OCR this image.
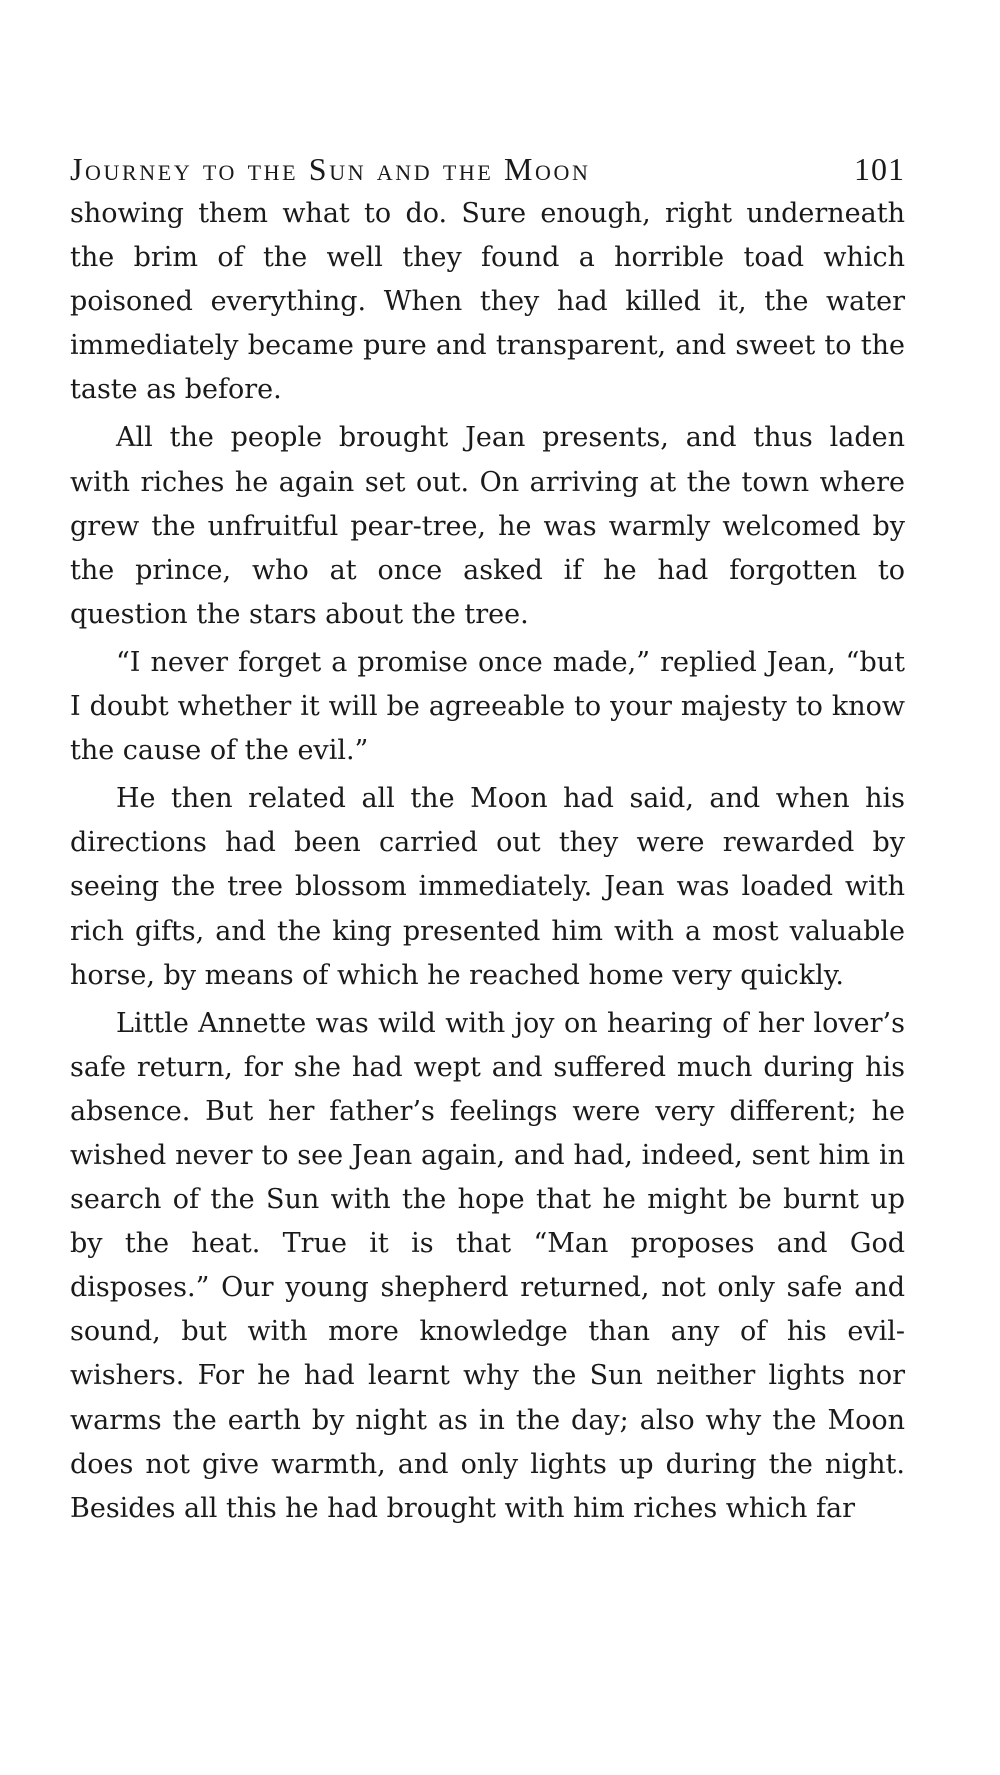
Journey to the Sun and the Moon	101

showing them what to do. Sure enough, right underneath the brim of the well they found a horrible toad which poisoned everything. When they had killed it, the water immediately became pure and transparent, and sweet to the taste as before.

All the people brought Jean presents, and thus laden with riches he again set out. On arriving at the town where grew the unfruitful pear-tree, he was warmly welcomed by the prince, who at once asked if he had forgotten to question the stars about the tree.

“I never forget a promise once made,” replied Jean, “but I doubt whether it will be agreeable to your majesty to know the cause of the evil.”

He then related all the Moon had said, and when his directions had been carried out they were rewarded by seeing the tree blossom immediately. Jean was loaded with rich gifts, and the king presented him with a most valuable horse, by means of which he reached home very quickly.

Little Annette was wild with joy on hearing of her lover’s safe return, for she had wept and suffered much during his absence. But her father’s feelings were very different; he wished never to see Jean again, and had, indeed, sent him in search of the Sun with the hope that he might be burnt up by the heat. True it is that “Man proposes and God disposes.” Our young shepherd returned, not only safe and sound, but with more knowledge than any of his evil-wishers. For he had learnt why the Sun neither lights nor warms the earth by night as in the day; also why the Moon does not give warmth, and only lights up during the night. Besides all this he had brought with him riches which far
